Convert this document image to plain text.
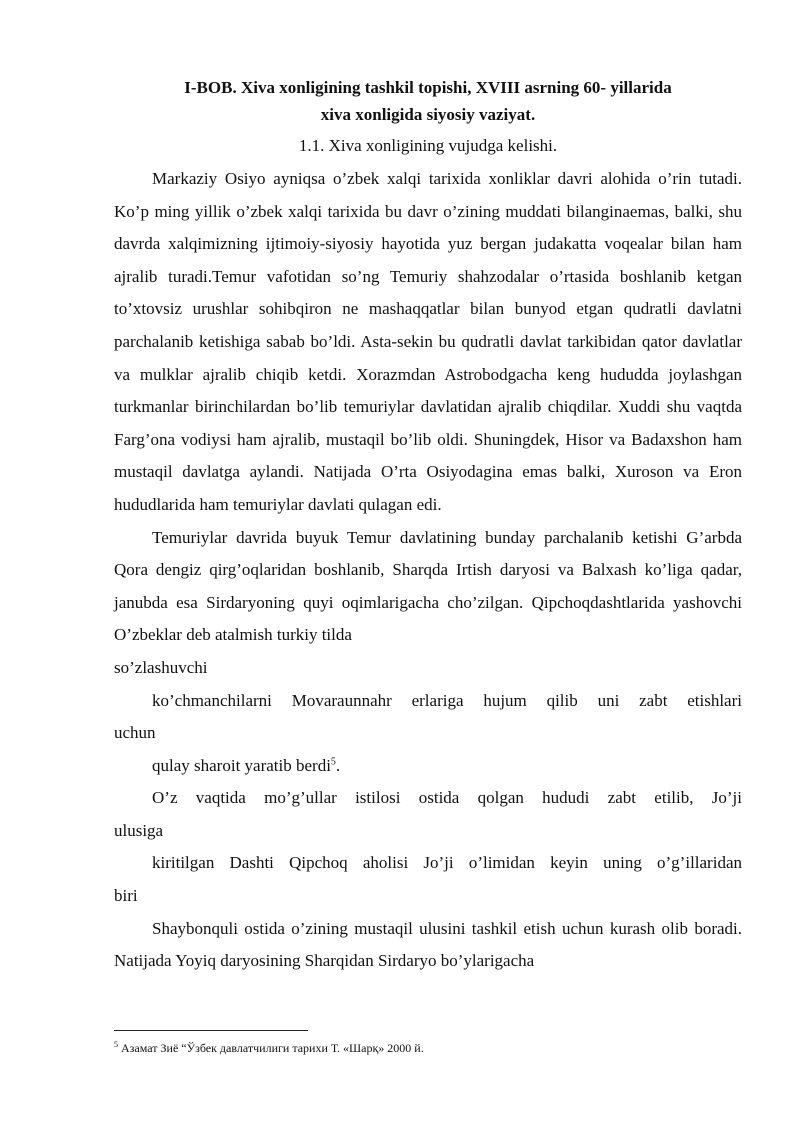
I-BOB. Xiva xonligining tashkil topishi, XVIII asrning 60- yillarida

xiva xonligida siyosiy vaziyat.

1.1. Xiva xonligining vujudga kelishi.

Markaziy Osiyo ayniqsa o’zbek xalqi tarixida xonliklar davri alohida o’rin tutadi. Ko’p ming yillik o’zbek xalqi tarixida bu davr o’zining muddati bilanginaemas, balki, shu davrda xalqimizning ijtimoiy-siyosiy hayotida yuz bergan judakatta voqealar bilan ham ajralib turadi.Temur vafotidan so’ng Temuriy shahzodalar o’rtasida boshlanib ketgan to’xtovsiz urushlar sohibqiron ne mashaqqatlar bilan bunyod etgan qudratli davlatni parchalanib ketishiga sabab bo’ldi. Asta-sekin bu qudratli davlat tarkibidan qator davlatlar va mulklar ajralib chiqib ketdi. Xorazmdan Astrobodgacha keng hududda joylashgan turkmanlar birinchilardan bo’lib temuriylar davlatidan ajralib chiqdilar. Xuddi shu vaqtda Farg’ona vodiysi ham ajralib, mustaqil bo’lib oldi. Shuningdek, Hisor va Badaxshon ham mustaqil davlatga aylandi. Natijada O’rta Osiyodagina emas balki, Xuroson va Eron hududlarida ham temuriylar davlati qulagan edi.

Temuriylar davrida buyuk Temur davlatining bunday parchalanib ketishi G’arbda Qora dengiz qirg’oqlaridan boshlanib, Sharqda Irtish daryosi va Balxash ko’liga qadar, janubda esa Sirdaryoning quyi oqimlarigacha cho’zilgan. Qipchoqdashtlarida yashovchi O’zbeklar deb atalmish turkiy tilda

so’zlashuvchi

ko’chmanchilarni Movaraunnahr erlariga hujum qilib uni zabt etishlari

uchun

qulay sharoit yaratib berdi$^5$.

O’z vaqtida mo’g’ullar istilosi ostida qolgan hududi zabt etilib, Jo’ji

ulusiga

kiritilgan Dashti Qipchoq aholisi Jo’ji o’limidan keyin uning o’g’illaridan

biri

Shaybonquli ostida o’zining mustaqil ulusini tashkil etish uchun kurash olib boradi. Natijada Yoyiq daryosining Sharqidan Sirdaryo bo’ylarigacha

$^5$ Азамат Зиё “Ўзбек давлатчилиги тарихи Т. «Шарқ» 2000 й.
